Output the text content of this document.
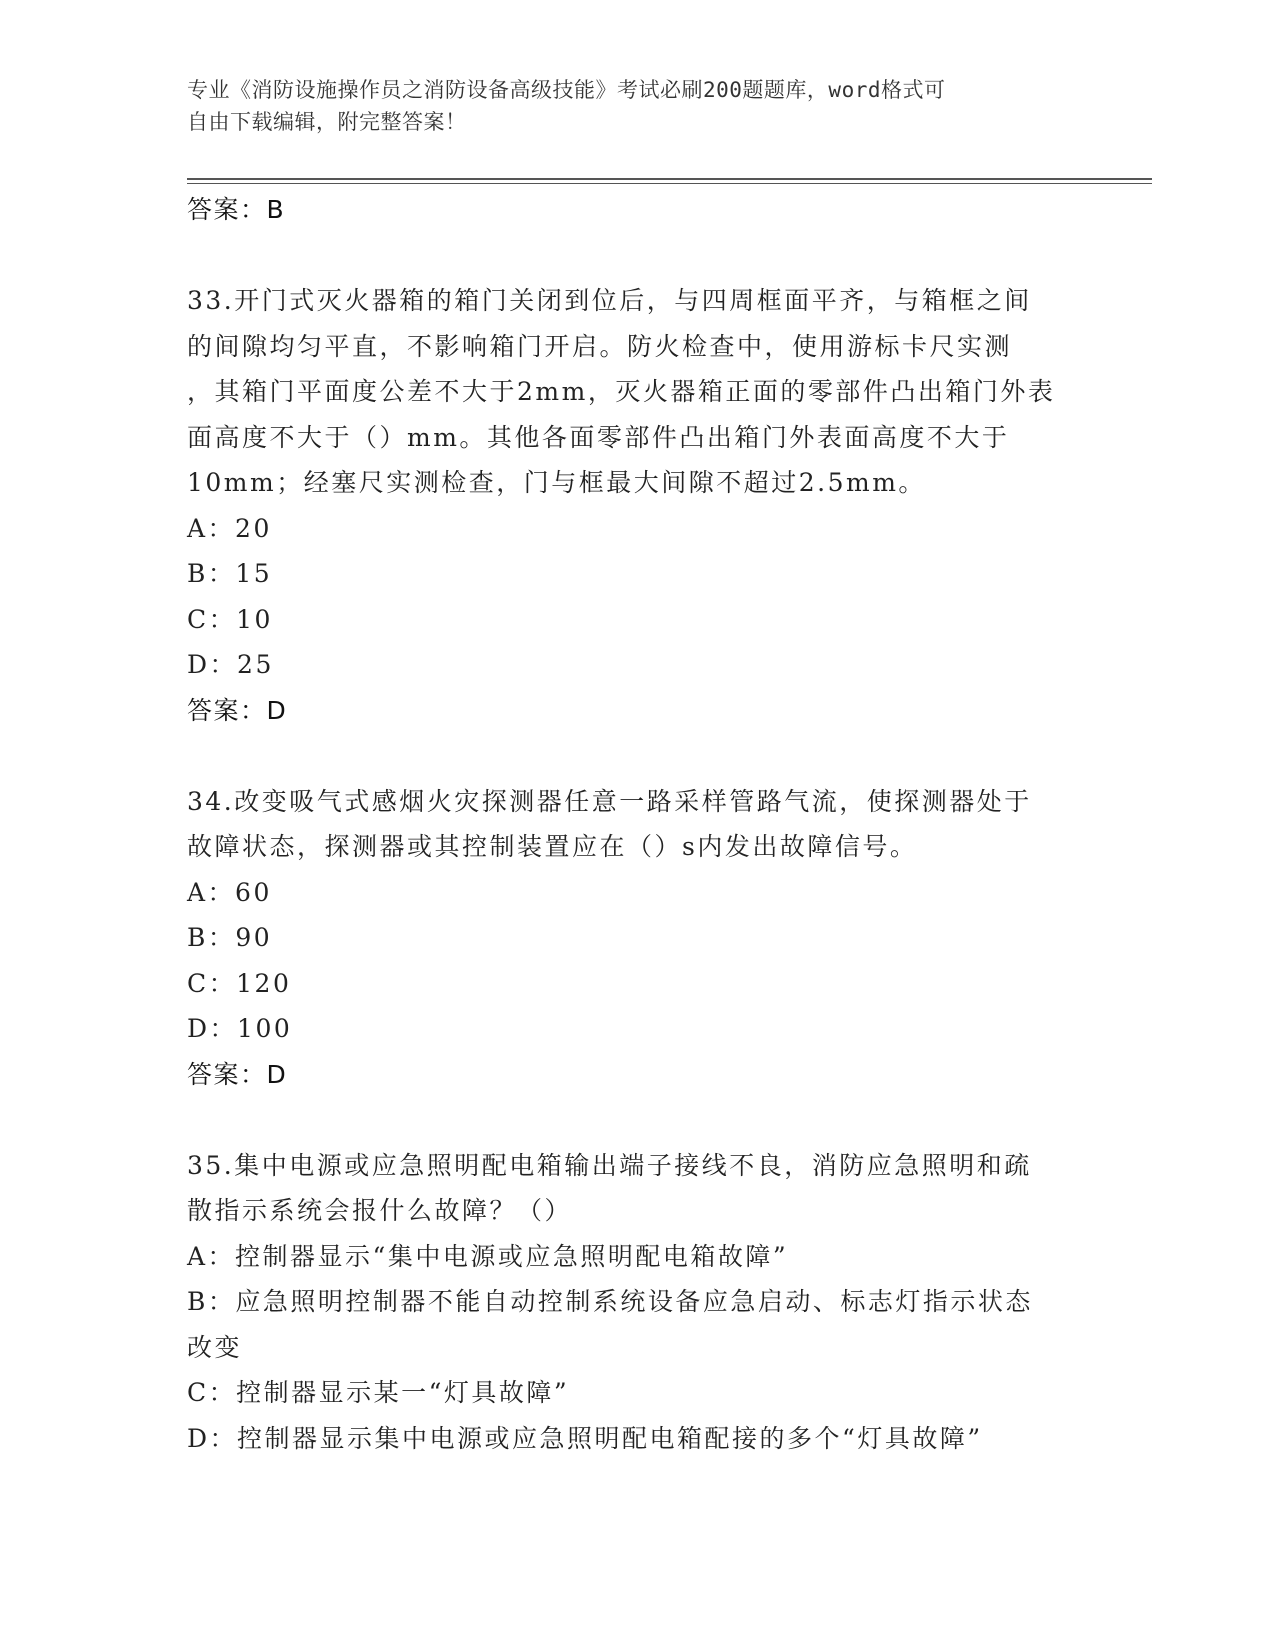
专业《消防设施操作员之消防设备高级技能》考试必刷200题题库，word格式可
自由下载编辑，附完整答案！
答案：B
33.开门式灭火器箱的箱门关闭到位后，与四周框面平齐，与箱框之间
的间隙均匀平直，不影响箱门开启。防火检查中，使用游标卡尺实测
，其箱门平面度公差不大于2mm，灭火器箱正面的零部件凸出箱门外表
面高度不大于（）mm。其他各面零部件凸出箱门外表面高度不大于
10mm；经塞尺实测检查，门与框最大间隙不超过2.5mm。
A：20
B：15
C：10
D：25
答案：D
34.改变吸气式感烟火灾探测器任意一路采样管路气流，使探测器处于
故障状态，探测器或其控制装置应在（）s内发出故障信号。
A：60
B：90
C：120
D：100
答案：D
35.集中电源或应急照明配电箱输出端子接线不良，消防应急照明和疏
散指示系统会报什么故障？（）
A：控制器显示“集中电源或应急照明配电箱故障”
B：应急照明控制器不能自动控制系统设备应急启动、标志灯指示状态
改变
C：控制器显示某一“灯具故障”
D：控制器显示集中电源或应急照明配电箱配接的多个“灯具故障”
